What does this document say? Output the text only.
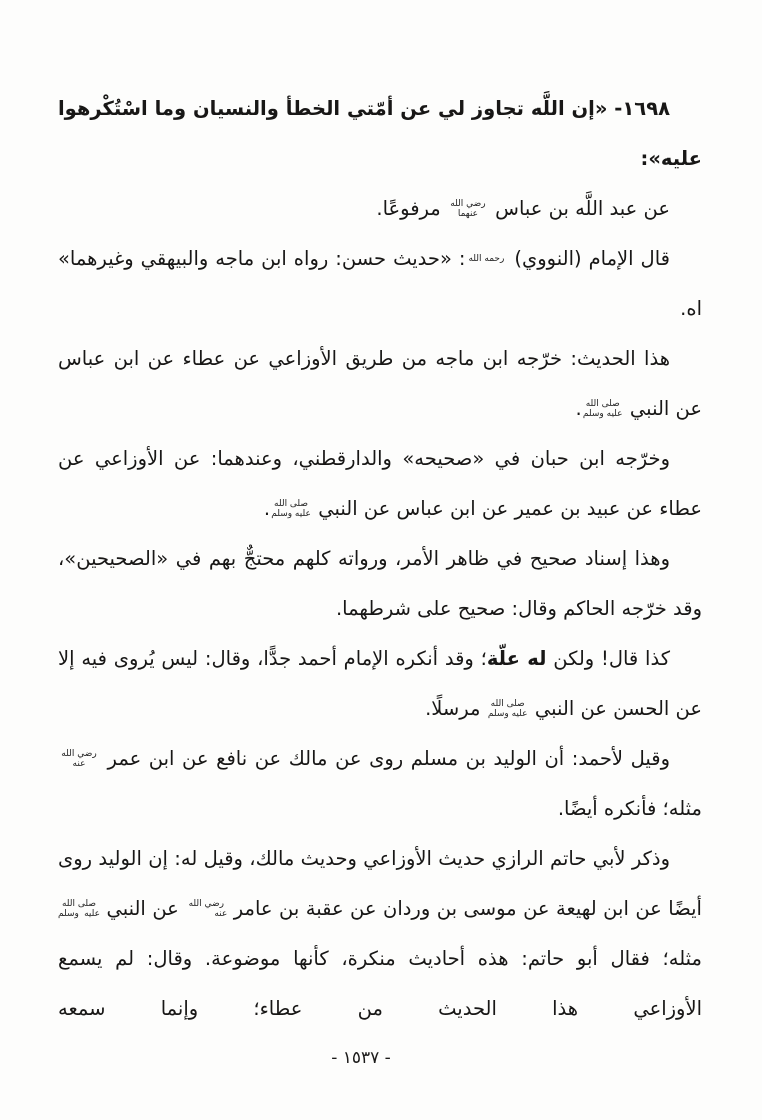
١٦٩٨- «إن اللَّه تجاوز لي عن أمّتي الخطأ والنسيان وما اسْتُكْرهوا عليه»:

عن عبد اللَّه بن عباس رضي الله عنهما مرفوعًا.

قال الإمام (النووي) رحمه الله: «حديث حسن: رواه ابن ماجه والبيهقي وغيرهما» اه.

هذا الحديث: خرّجه ابن ماجه من طريق الأوزاعي عن عطاء عن ابن عباس عن النبي صلى الله عليه وسلم.

وخرّجه ابن حبان في «صحيحه» والدارقطني، وعندهما: عن الأوزاعي عن عطاء عن عبيد بن عمير عن ابن عباس عن النبي صلى الله عليه وسلم.

وهذا إسناد صحيح في ظاهر الأمر، ورواته كلهم محتجٌّ بهم في «الصحيحين»، وقد خرّجه الحاكم وقال: صحيح على شرطهما.

كذا قال! ولكن له علّة؛ وقد أنكره الإمام أحمد جدًّا، وقال: ليس يُروى فيه إلا عن الحسن عن النبي صلى الله عليه وسلم مرسلًا.

وقيل لأحمد: أن الوليد بن مسلم روى عن مالك عن نافع عن ابن عمر رضي الله عنه مثله؛ فأنكره أيضًا.

وذكر لأبي حاتم الرازي حديث الأوزاعي وحديث مالك، وقيل له: إن الوليد روى أيضًا عن ابن لهيعة عن موسى بن وردان عن عقبة بن عامر رضي الله عنه عن النبي صلى الله عليه وسلم مثله؛ فقال أبو حاتم: هذه أحاديث منكرة، كأنها موضوعة. وقال: لم يسمع الأوزاعي هذا الحديث من عطاء؛ وإنما سمعه

- ١٥٣٧ -
